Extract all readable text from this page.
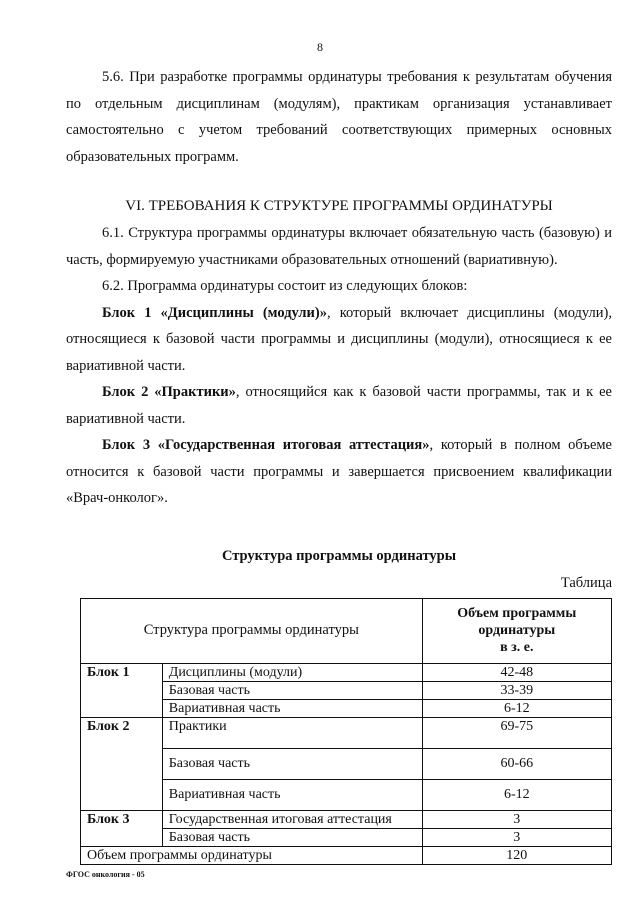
8

5.6. При разработке программы ординатуры требования к результатам обучения по отдельным дисциплинам (модулям), практикам организация устанавливает самостоятельно с учетом требований соответствующих примерных основных образовательных программ.

VI. ТРЕБОВАНИЯ К СТРУКТУРЕ ПРОГРАММЫ ОРДИНАТУРЫ

6.1. Структура программы ординатуры включает обязательную часть (базовую) и часть, формируемую участниками образовательных отношений (вариативную).

6.2. Программа ординатуры состоит из следующих блоков:

Блок 1 «Дисциплины (модули)», который включает дисциплины (модули), относящиеся к базовой части программы и дисциплины (модули), относящиеся к ее вариативной части.

Блок 2 «Практики», относящийся как к базовой части программы, так и к ее вариативной части.

Блок 3 «Государственная итоговая аттестация», который в полном объеме относится к базовой части программы и завершается присвоением квалификации «Врач-онколог».

Структура программы ординатуры
Таблица
Структура программы ординатуры		Объем программы
ординатуры
в з. е.

Блок 1	Дисциплины (модули)	42-48
	Базовая часть	33-39
	Вариативная часть	6-12
Блок 2	Практики	69-75
	Базовая часть	60-66
	Вариативная часть	6-12
Блок 3	Государственная итоговая аттестация	3
	Базовая часть	3
Объем программы ординатуры		120
ФГОС онкология - 05
